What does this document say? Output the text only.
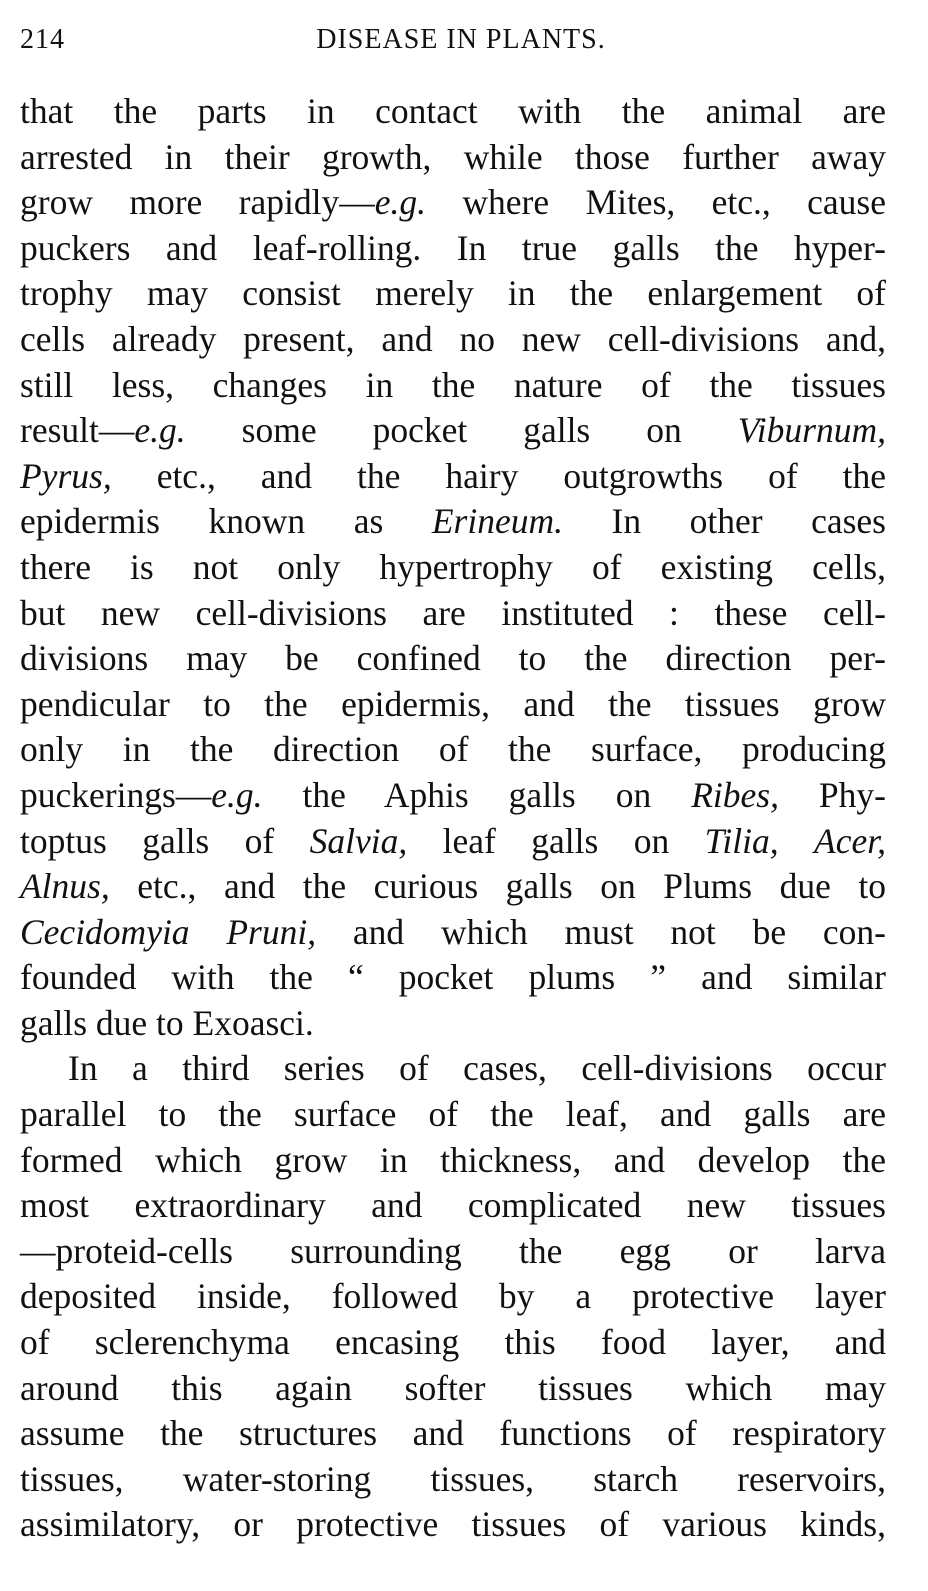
214	DISEASE IN PLANTS.
that the parts in contact with the animal are
arrested in their growth, while those further away
grow more rapidly—e.g. where Mites, etc., cause
puckers and leaf-rolling. In true galls the hyper-
trophy may consist merely in the enlargement of
cells already present, and no new cell-divisions and,
still less, changes in the nature of the tissues
result—e.g. some pocket galls on Viburnum,
Pyrus, etc., and the hairy outgrowths of the
epidermis known as Erineum. In other cases
there is not only hypertrophy of existing cells,
but new cell-divisions are instituted : these cell-
divisions may be confined to the direction per-
pendicular to the epidermis, and the tissues grow
only in the direction of the surface, producing
puckerings—e.g. the Aphis galls on Ribes, Phy-
toptus galls of Salvia, leaf galls on Tilia, Acer,
Alnus, etc., and the curious galls on Plums due to
Cecidomyia Pruni, and which must not be con-
founded with the “ pocket plums ” and similar
galls due to Exoasci.
In a third series of cases, cell-divisions occur
parallel to the surface of the leaf, and galls are
formed which grow in thickness, and develop the
most extraordinary and complicated new tissues
—proteid-cells surrounding the egg or larva
deposited inside, followed by a protective layer
of sclerenchyma encasing this food layer, and
around this again softer tissues which may
assume the structures and functions of respiratory
tissues, water-storing tissues, starch reservoirs,
assimilatory, or protective tissues of various kinds,
